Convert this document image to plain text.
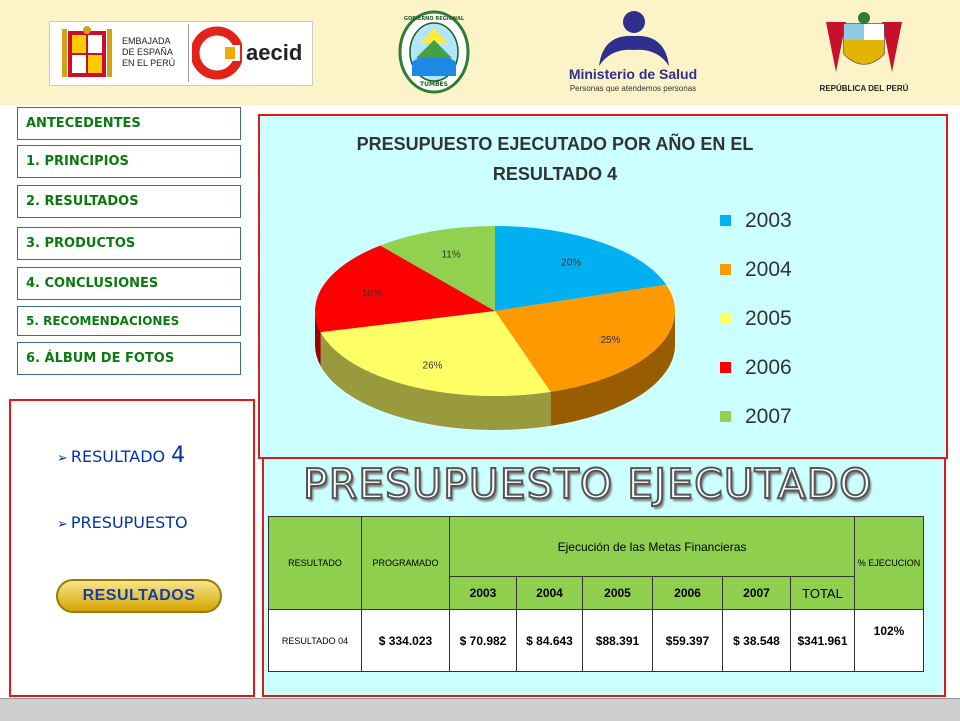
EMBAJADA
DE ESPAÑA
EN EL PERÚ	aecid
GOBIERNO REGIONAL
TUMBES
Ministerio de Salud
Personas que atendemos personas	REPÚBLICA DEL PERÚ
ANTECEDENTES
1. PRINCIPIOS
2. RESULTADOS
3. PRODUCTOS
4. CONCLUSIONES
5. RECOMENDACIONES
6. ÁLBUM DE FOTOS
➢ RESULTADO 4
➢ PRESUPUESTO
RESULTADOS
PRESUPUESTO EJECUTADO POR AÑO EN EL
RESULTADO 4
20%
25%
26%
18%
11%
2003
2004
2005
2006
2007
PRESUPUESTO EJECUTADO
RESULTADO	PROGRAMADO	Ejecución de las Metas Financieras						% EJECUCION
		2003	2004	2005	2006	2007	TOTAL	
RESULTADO 04	$ 334.023	$ 70.982	$ 84.643	$88.391	$59.397	$ 38.548	$341.961	102%
